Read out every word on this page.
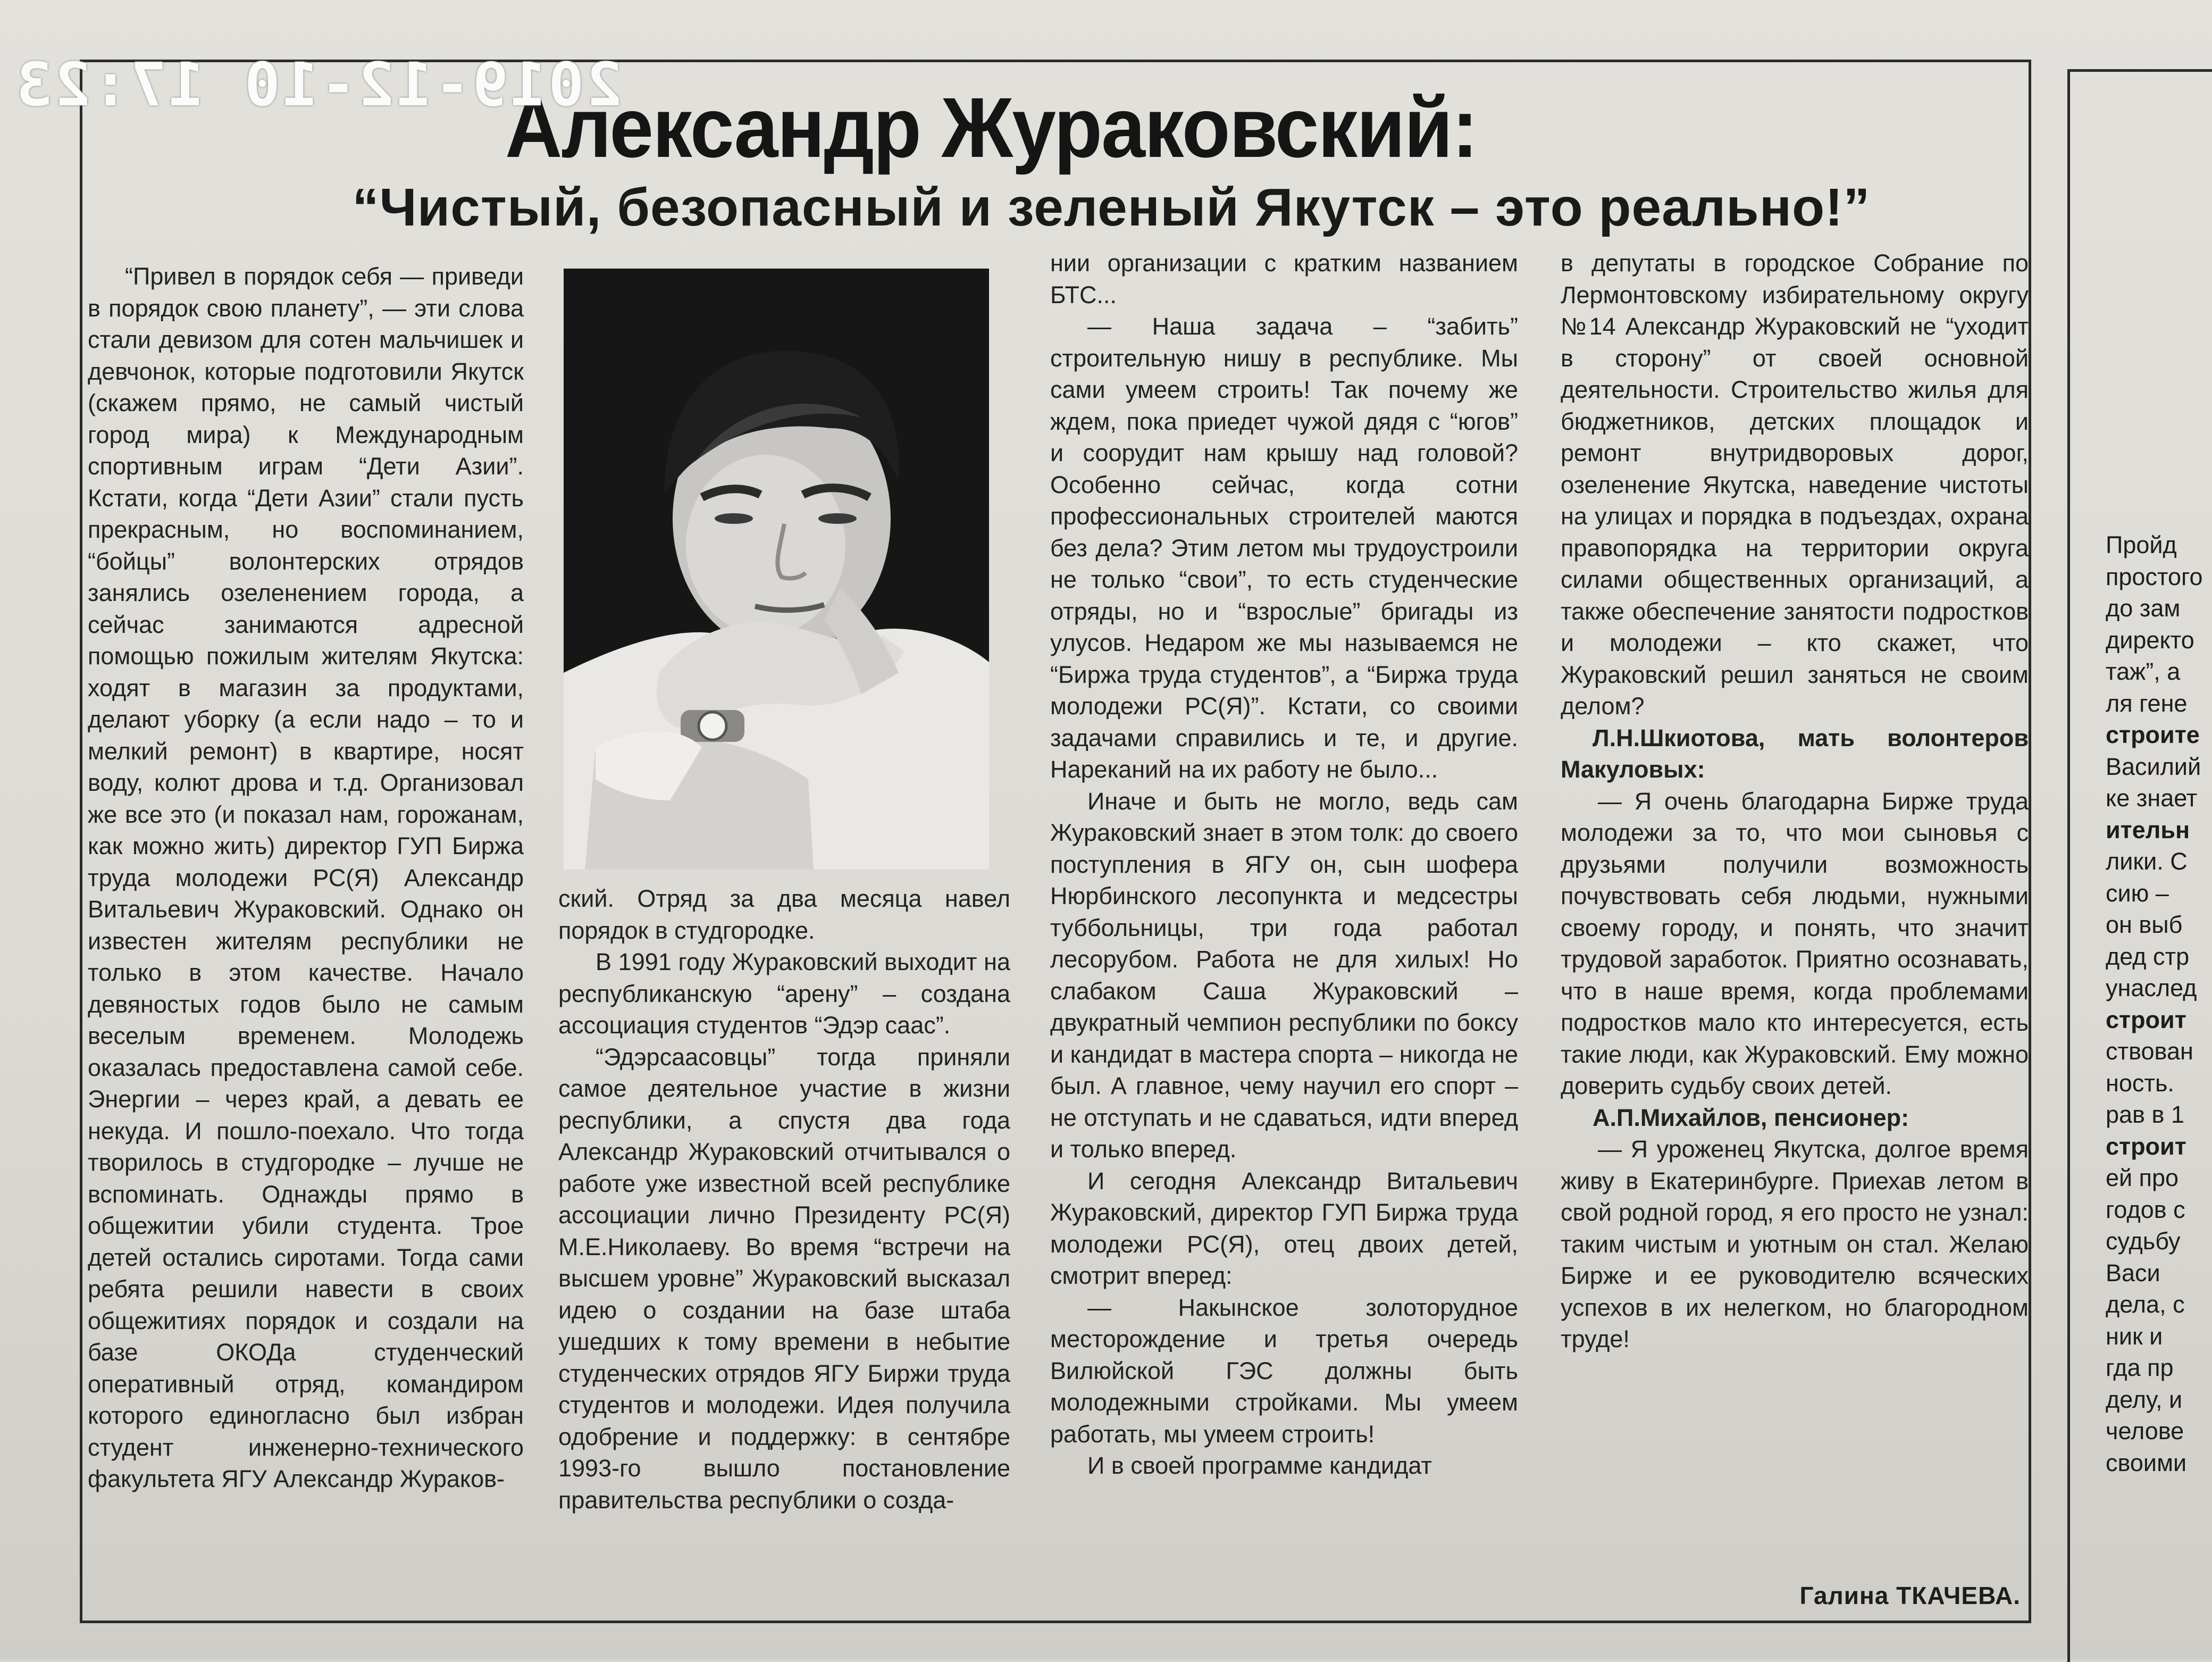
Александр Жураковский:
“Чистый, безопасный и зеленый Якутск – это реально!”

“Привел в порядок себя — приведи в порядок свою планету”, — эти слова стали девизом для сотен мальчишек и девчонок, которые подготовили Якутск (скажем прямо, не самый чистый город мира) к Международным спортивным играм “Дети Азии”. Кстати, когда “Дети Азии” стали пусть прекрасным, но воспоминанием, “бойцы” волонтерских отрядов занялись озеленением города, а сейчас занимаются адресной помощью пожилым жителям Якутска: ходят в магазин за продуктами, делают уборку (а если надо – то и мелкий ремонт) в квартире, носят воду, колют дрова и т.д. Организовал же все это (и показал нам, горожанам, как можно жить) директор ГУП Биржа труда молодежи РС(Я) Александр Витальевич Жураковский. Однако он известен жителям республики не только в этом качестве. Начало девяностых годов было не самым веселым временем. Молодежь оказалась предоставлена самой себе. Энергии – через край, а девать ее некуда. И пошло-поехало. Что тогда творилось в студгородке – лучше не вспоминать. Однажды прямо в общежитии убили студента. Трое детей остались сиротами. Тогда сами ребята решили навести в своих общежитиях порядок и создали на базе ОКОДа студенческий оперативный отряд, командиром которого единогласно был избран студент инженерно-технического факультета ЯГУ Александр Жураков-

ский. Отряд за два месяца навел порядок в студгородке.

В 1991 году Жураковский выходит на республиканскую “арену” – создана ассоциация студентов “Эдэр саас”.

“Эдэрсаасовцы” тогда приняли самое деятельное участие в жизни республики, а спустя два года Александр Жураковский отчитывался о работе уже известной всей республике ассоциации лично Президенту РС(Я) М.Е.Николаеву. Во время “встречи на высшем уровне” Жураковский высказал идею о создании на базе штаба ушедших к тому времени в небытие студенческих отрядов ЯГУ Биржи труда студентов и молодежи. Идея получила одобрение и поддержку: в сентябре 1993-го вышло постановление правительства республики о созда-

нии организации с кратким названием БТС...

— Наша задача – “забить” строительную нишу в республике. Мы сами умеем строить! Так почему же ждем, пока приедет чужой дядя с “югов” и соорудит нам крышу над головой? Особенно сейчас, когда сотни профессиональных строителей маются без дела? Этим летом мы трудоустроили не только “свои”, то есть студенческие отряды, но и “взрослые” бригады из улусов. Недаром же мы называемся не “Биржа труда студентов”, а “Биржа труда молодежи РС(Я)”. Кстати, со своими задачами справились и те, и другие. Нареканий на их работу не было...

Иначе и быть не могло, ведь сам Жураковский знает в этом толк: до своего поступления в ЯГУ он, сын шофера Нюрбинского лесопункта и медсестры туббольницы, три года работал лесорубом. Работа не для хилых! Но слабаком Саша Жураковский – двукратный чемпион республики по боксу и кандидат в мастера спорта – никогда не был. А главное, чему научил его спорт – не отступать и не сдаваться, идти вперед и только вперед.

И сегодня Александр Витальевич Жураковский, директор ГУП Биржа труда молодежи РС(Я), отец двоих детей, смотрит вперед:

— Накынское золоторудное месторождение и третья очередь Вилюйской ГЭС должны быть молодежными стройками. Мы умеем работать, мы умеем строить!

И в своей программе кандидат

в депутаты в городское Собрание по Лермонтовскому избирательному округу №14 Александр Жураковский не “уходит в сторону” от своей основной деятельности. Строительство жилья для бюджетников, детских площадок и ремонт внутридворовых дорог, озеленение Якутска, наведение чистоты на улицах и порядка в подъездах, охрана правопорядка на территории округа силами общественных организаций, а также обеспечение занятости подростков и молодежи – кто скажет, что Жураковский решил заняться не своим делом?

Л.Н.Шкиотова, мать волонтеров Макуловых:

— Я очень благодарна Бирже труда молодежи за то, что мои сыновья с друзьями получили возможность почувствовать себя людьми, нужными своему городу, и понять, что значит трудовой заработок. Приятно осознавать, что в наше время, когда проблемами подростков мало кто интересуется, есть такие люди, как Жураковский. Ему можно доверить судьбу своих детей.

А.П.Михайлов, пенсионер:

— Я уроженец Якутска, долгое время живу в Екатеринбурге. Приехав летом в свой родной город, я его просто не узнал: таким чистым и уютным он стал. Желаю Бирже и ее руководителю всяческих успехов в их нелегком, но благородном труде!

Галина ТКАЧЕВА.
Пройд
простого
до зам
директо
таж”, а
ля гене
строите
Василий
ке знает
ительн
лики. С
сию –
он выб
дед стр
унаслед
строит
ствован
ность.
рав в 1
строит
ей про
годов с
судьбу
Васи
дела, с
ник и
гда пр
делу, и
челове
своими
2019-12-10 17:23
